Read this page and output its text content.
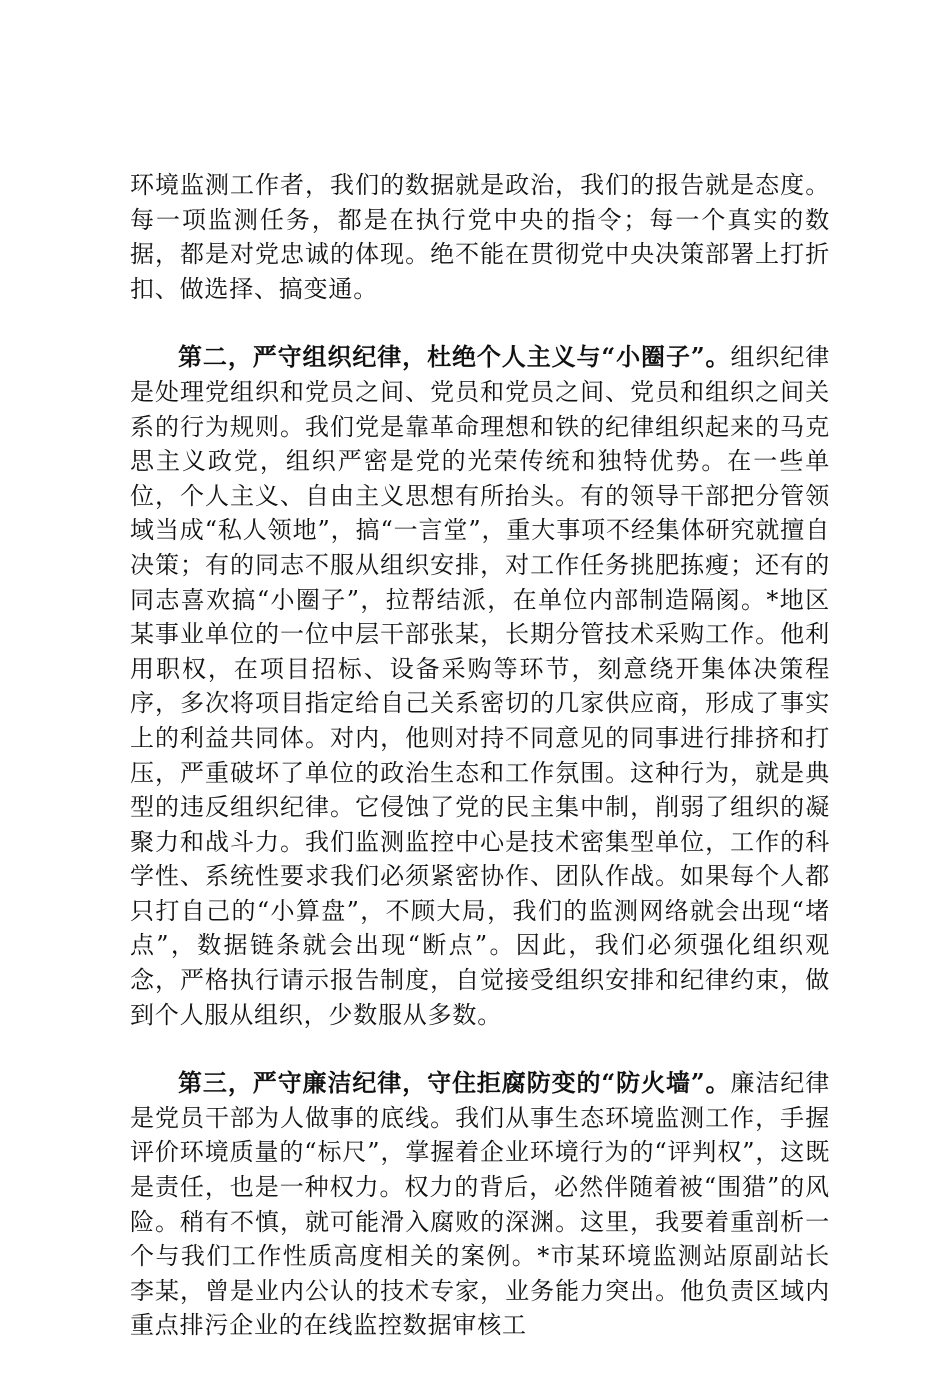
环境监测工作者，我们的数据就是政治，我们的报告就是态度。每一项监测任务，都是在执行党中央的指令；每一个真实的数据，都是对党忠诚的体现。绝不能在贯彻党中央决策部署上打折扣、做选择、搞变通。

第二，严守组织纪律，杜绝个人主义与“小圈子”。组织纪律是处理党组织和党员之间、党员和党员之间、党员和组织之间关系的行为规则。我们党是靠革命理想和铁的纪律组织起来的马克思主义政党，组织严密是党的光荣传统和独特优势。在一些单位，个人主义、自由主义思想有所抬头。有的领导干部把分管领域当成“私人领地”，搞“一言堂”，重大事项不经集体研究就擅自决策；有的同志不服从组织安排，对工作任务挑肥拣瘦；还有的同志喜欢搞“小圈子”，拉帮结派，在单位内部制造隔阂。*地区某事业单位的一位中层干部张某，长期分管技术采购工作。他利用职权，在项目招标、设备采购等环节，刻意绕开集体决策程序，多次将项目指定给自己关系密切的几家供应商，形成了事实上的利益共同体。对内，他则对持不同意见的同事进行排挤和打压，严重破坏了单位的政治生态和工作氛围。这种行为，就是典型的违反组织纪律。它侵蚀了党的民主集中制，削弱了组织的凝聚力和战斗力。我们监测监控中心是技术密集型单位，工作的科学性、系统性要求我们必须紧密协作、团队作战。如果每个人都只打自己的“小算盘”，不顾大局，我们的监测网络就会出现“堵点”，数据链条就会出现“断点”。因此，我们必须强化组织观念，严格执行请示报告制度，自觉接受组织安排和纪律约束，做到个人服从组织，少数服从多数。

第三，严守廉洁纪律，守住拒腐防变的“防火墙”。廉洁纪律是党员干部为人做事的底线。我们从事生态环境监测工作，手握评价环境质量的“标尺”，掌握着企业环境行为的“评判权”，这既是责任，也是一种权力。权力的背后，必然伴随着被“围猎”的风险。稍有不慎，就可能滑入腐败的深渊。这里，我要着重剖析一个与我们工作性质高度相关的案例。*市某环境监测站原副站长李某，曾是业内公认的技术专家，业务能力突出。他负责区域内重点排污企业的在线监控数据审核工
